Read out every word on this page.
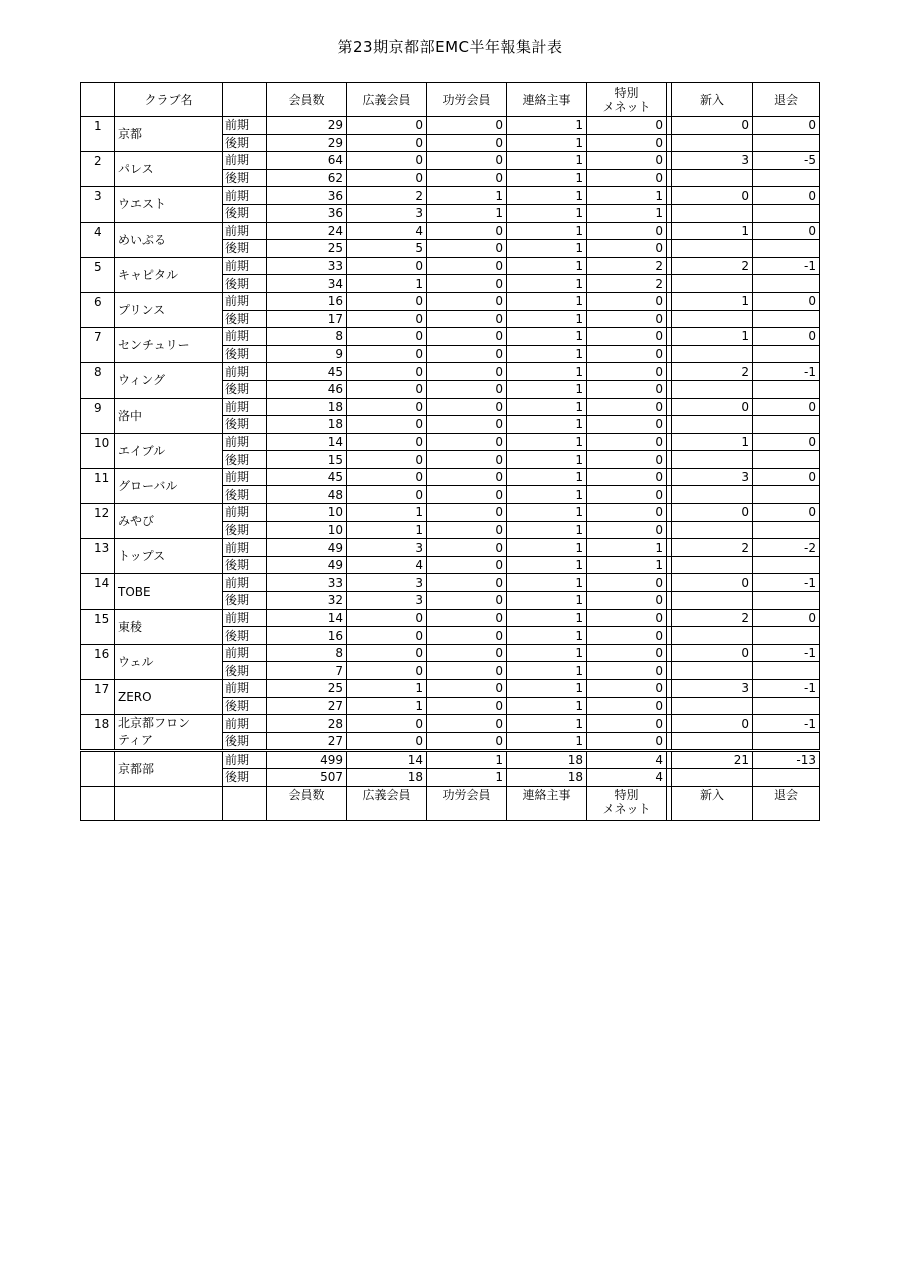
第23期京都部EMC半年報集計表
	クラブ名		会員数	広義会員	功労会員	連絡主事	特別
メネット		新入	退会
1	京都	前期	29	0	0	1	0		0	0
		後期	29	0	0	1	0			
2	パレス	前期	64	0	0	1	0		3	-5
		後期	62	0	0	1	0			
3	ウエスト	前期	36	2	1	1	1		0	0
		後期	36	3	1	1	1			
4	めいぷる	前期	24	4	0	1	0		1	0
		後期	25	5	0	1	0			
5	キャピタル	前期	33	0	0	1	2		2	-1
		後期	34	1	0	1	2			
6	プリンス	前期	16	0	0	1	0		1	0
		後期	17	0	0	1	0			
7	センチュリー	前期	8	0	0	1	0		1	0
		後期	9	0	0	1	0			
8	ウィング	前期	45	0	0	1	0		2	-1
		後期	46	0	0	1	0			
9	洛中	前期	18	0	0	1	0		0	0
		後期	18	0	0	1	0			
10	エイブル	前期	14	0	0	1	0		1	0
		後期	15	0	0	1	0			
11	グローバル	前期	45	0	0	1	0		3	0
		後期	48	0	0	1	0			
12	みやび	前期	10	1	0	1	0		0	0
		後期	10	1	0	1	0			
13	トップス	前期	49	3	0	1	1		2	-2
		後期	49	4	0	1	1			
14	TOBE	前期	33	3	0	1	0		0	-1
		後期	32	3	0	1	0			
15	東稜	前期	14	0	0	1	0		2	0
		後期	16	0	0	1	0			
16	ウェル	前期	8	0	0	1	0		0	-1
		後期	7	0	0	1	0			
17	ZERO	前期	25	1	0	1	0		3	-1
		後期	27	1	0	1	0			
18	北京都フロン
ティア	前期	28	0	0	1	0		0	-1
		後期	27	0	0	1	0			
	京都部	前期	499	14	1	18	4		21	-13
		後期	507	18	1	18	4			
			会員数	広義会員	功労会員	連絡主事	特別
メネット		新入	退会
